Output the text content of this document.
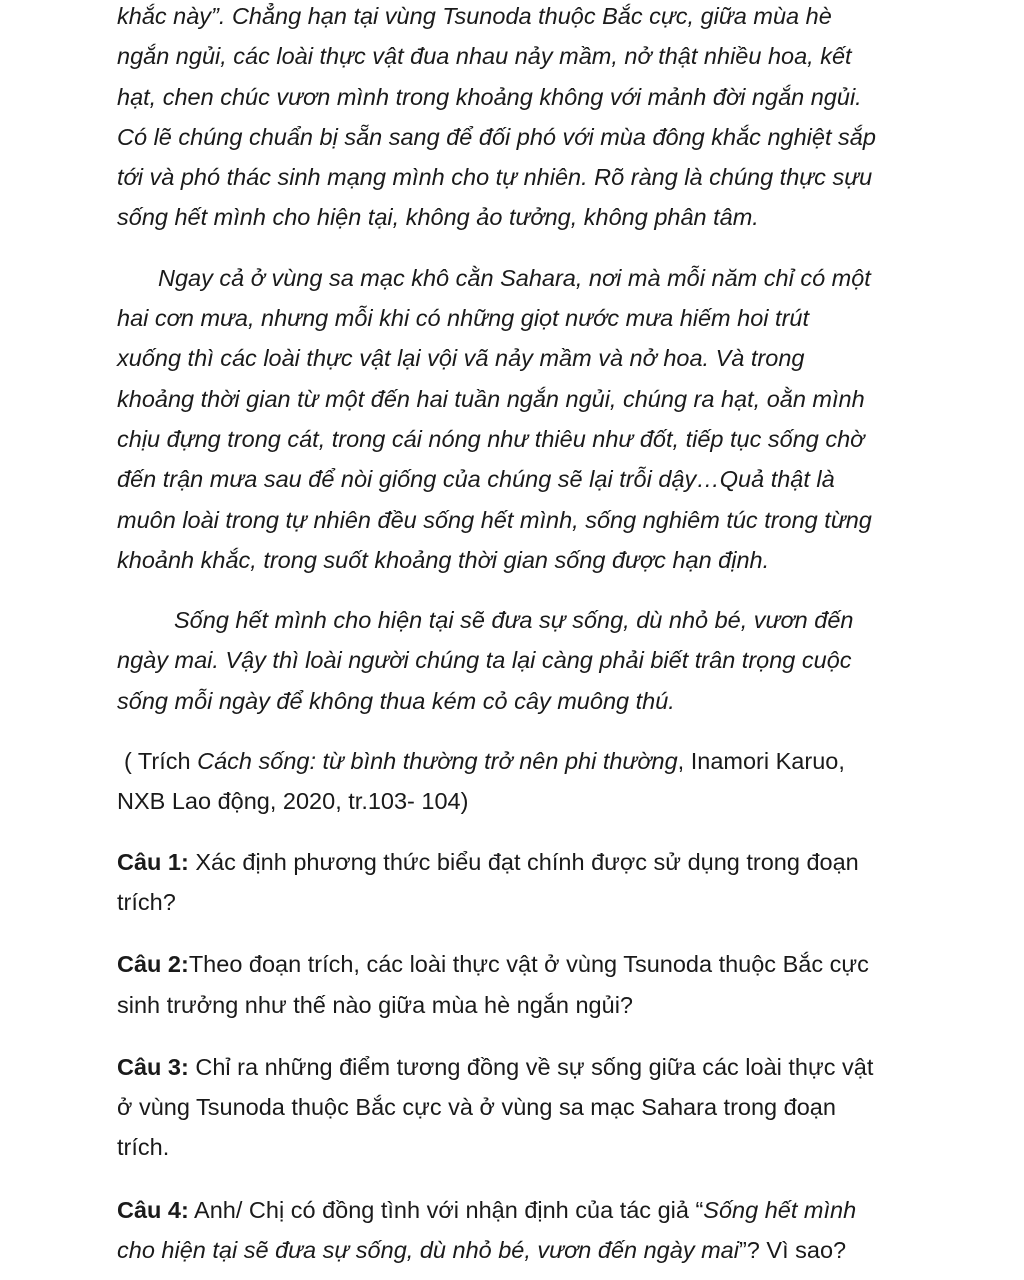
khắc này”. Chẳng hạn tại vùng Tsunoda thuộc Bắc cực, giữa mùa hè

ngắn ngủi, các loài thực vật đua nhau nảy mầm, nở thật nhiều hoa, kết

hạt, chen chúc vươn mình trong khoảng không với mảnh đời ngắn ngủi.

Có lẽ chúng chuẩn bị sẵn sang để đối phó với mùa đông khắc nghiệt sắp

tới và phó thác sinh mạng mình cho tự nhiên. Rõ ràng là chúng thực sựu

sống hết mình cho hiện tại, không ảo tưởng, không phân tâm.

Ngay cả ở vùng sa mạc khô cằn Sahara, nơi mà mỗi năm chỉ có một

hai cơn mưa, nhưng mỗi khi có những giọt nước mưa hiếm hoi trút

xuống thì các loài thực vật lại vội vã nảy mầm và nở hoa. Và trong

khoảng thời gian từ một đến hai tuần ngắn ngủi, chúng ra hạt, oằn mình

chịu đựng trong cát, trong cái nóng như thiêu như đốt, tiếp tục sống chờ

đến trận mưa sau để nòi giống của chúng sẽ lại trỗi dậy…Quả thật là

muôn loài trong tự nhiên đều sống hết mình, sống nghiêm túc trong từng

khoảnh khắc, trong suốt khoảng thời gian sống được hạn định.

Sống hết mình cho hiện tại sẽ đưa sự sống, dù nhỏ bé, vươn đến

ngày mai. Vậy thì loài người chúng ta lại càng phải biết trân trọng cuộc

sống mỗi ngày để không thua kém cỏ cây muông thú.

( Trích Cách sống: từ bình thường trở nên phi thường, Inamori Karuo,

NXB Lao động, 2020, tr.103- 104)

Câu 1: Xác định phương thức biểu đạt chính được sử dụng trong đoạn

trích?

Câu 2:Theo đoạn trích, các loài thực vật ở vùng Tsunoda thuộc Bắc cực

sinh trưởng như thế nào giữa mùa hè ngắn ngủi?

Câu 3: Chỉ ra những điểm tương đồng về sự sống giữa các loài thực vật

ở vùng Tsunoda thuộc Bắc cực và ở vùng sa mạc Sahara trong đoạn

trích.

Câu 4: Anh/ Chị có đồng tình với nhận định của tác giả “Sống hết mình

cho hiện tại sẽ đưa sự sống, dù nhỏ bé, vươn đến ngày mai”? Vì sao?
